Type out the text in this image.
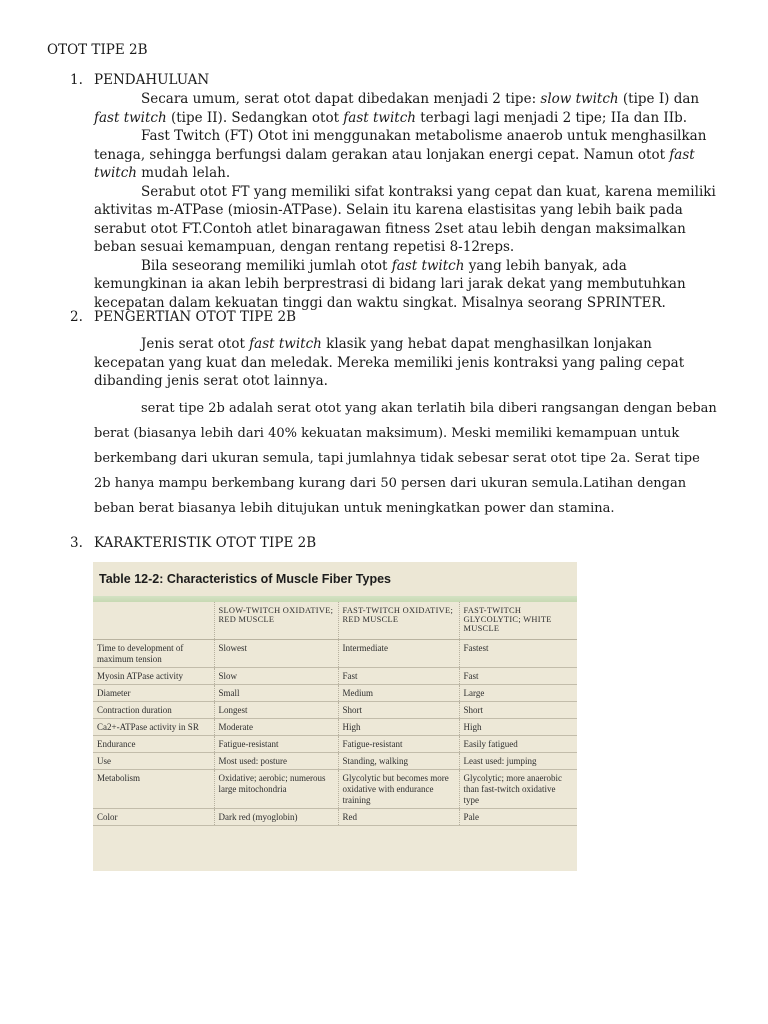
OTOT TIPE 2B
1. PENDAHULUAN

Secara umum, serat otot dapat dibedakan menjadi 2 tipe: slow twitch (tipe I) dan fast twitch (tipe II). Sedangkan otot fast twitch terbagi lagi menjadi 2 tipe; IIa dan IIb.

Fast Twitch (FT) Otot ini menggunakan metabolisme anaerob untuk menghasilkan tenaga, sehingga berfungsi dalam gerakan atau lonjakan energi cepat. Namun otot fast twitch mudah lelah.

Serabut otot FT yang memiliki sifat kontraksi yang cepat dan kuat, karena memiliki aktivitas m-ATPase (miosin-ATPase). Selain itu karena elastisitas yang lebih baik pada serabut otot FT.Contoh atlet binaragawan fitness 2set atau lebih dengan maksimalkan beban sesuai kemampuan, dengan rentang repetisi 8-12reps.

Bila seseorang memiliki jumlah otot fast twitch yang lebih banyak, ada kemungkinan ia akan lebih berprestrasi di bidang lari jarak dekat yang membutuhkan kecepatan dalam kekuatan tinggi dan waktu singkat. Misalnya seorang SPRINTER.

2. PENGERTIAN OTOT TIPE 2B

Jenis serat otot fast twitch klasik yang hebat dapat menghasilkan lonjakan kecepatan yang kuat dan meledak. Mereka memiliki jenis kontraksi yang paling cepat dibanding jenis serat otot lainnya.

serat tipe 2b adalah serat otot yang akan terlatih bila diberi rangsangan dengan beban berat (biasanya lebih dari 40% kekuatan maksimum). Meski memiliki kemampuan untuk berkembang dari ukuran semula, tapi jumlahnya tidak sebesar serat otot tipe 2a. Serat tipe 2b hanya mampu berkembang kurang dari 50 persen dari ukuran semula.Latihan dengan beban berat biasanya lebih ditujukan untuk meningkatkan power dan stamina.

3. KARAKTERISTIK OTOT TIPE 2B
Table 12-2: Characteristics of Muscle Fiber Types
	SLOW-TWITCH OXIDATIVE; RED MUSCLE	FAST-TWITCH OXIDATIVE; RED MUSCLE	FAST-TWITCH GLYCOLYTIC; WHITE MUSCLE
Time to development of maximum tension	Slowest	Intermediate	Fastest
Myosin ATPase activity	Slow	Fast	Fast
Diameter	Small	Medium	Large
Contraction duration	Longest	Short	Short
Ca2+-ATPase activity in SR	Moderate	High	High
Endurance	Fatigue-resistant	Fatigue-resistant	Easily fatigued
Use	Most used: posture	Standing, walking	Least used: jumping
Metabolism	Oxidative; aerobic; numerous large mitochondria	Glycolytic but becomes more oxidative with endurance training	Glycolytic; more anaerobic than fast-twitch oxidative type
Color	Dark red (myoglobin)	Red	Pale
